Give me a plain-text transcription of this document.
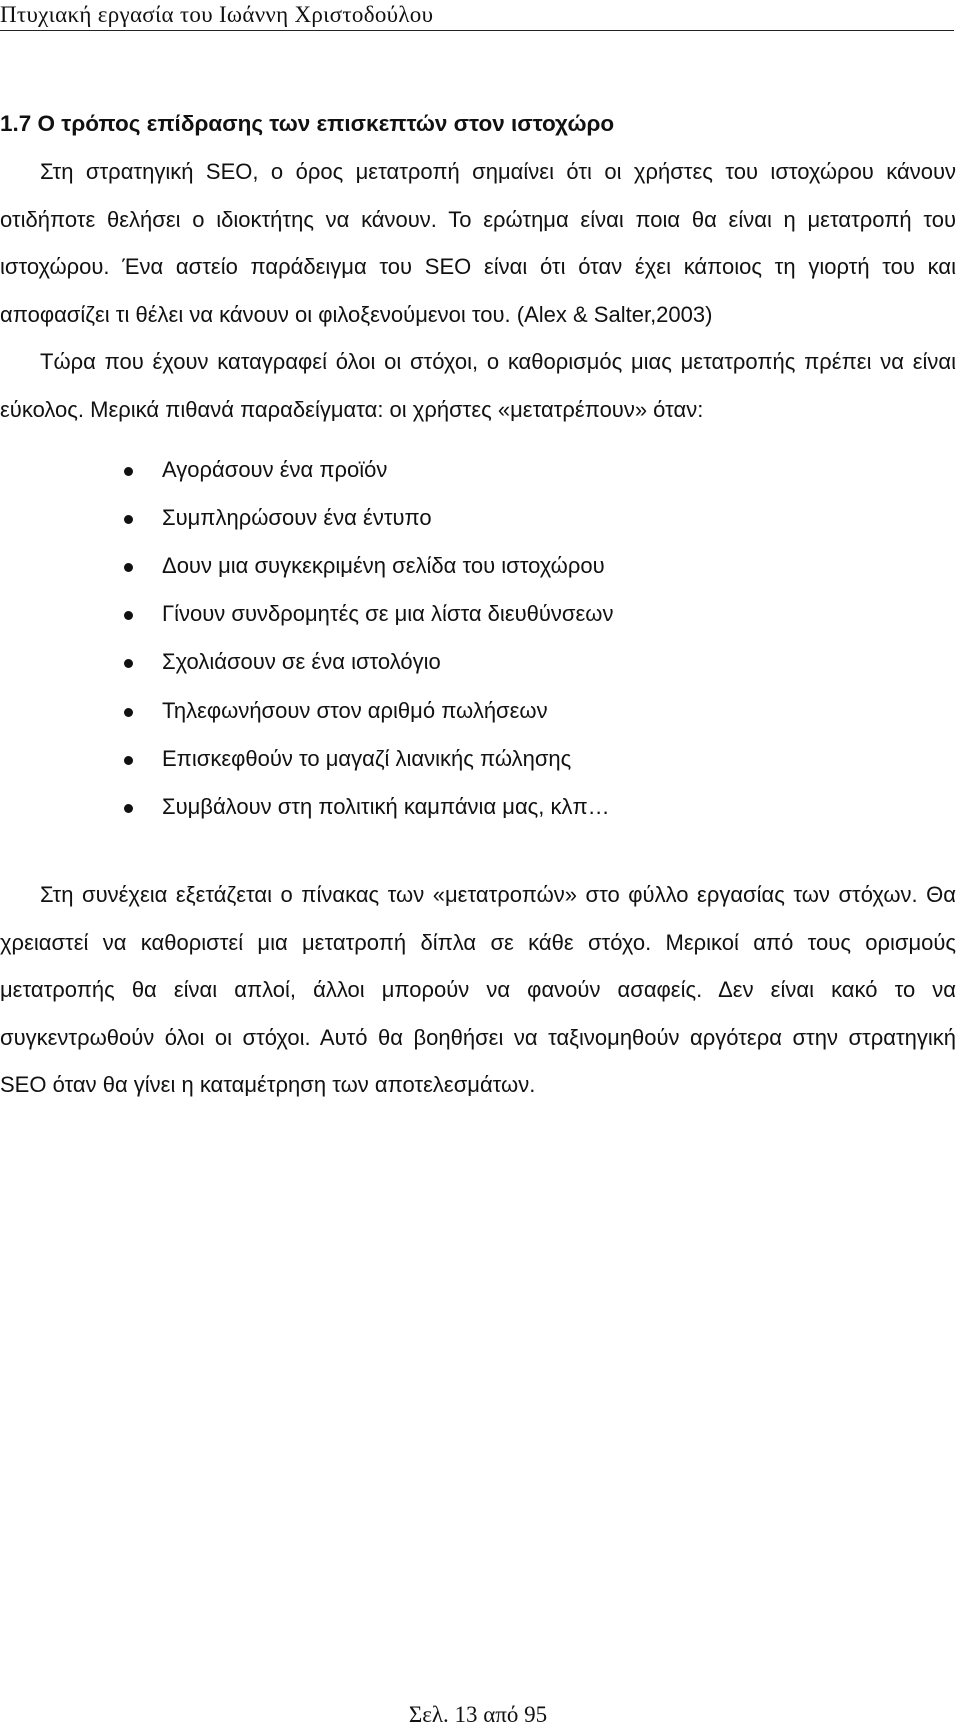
Πτυχιακή εργασία του Ιωάννη Χριστοδούλου
1.7 Ο τρόπος επίδρασης των επισκεπτών στον ιστοχώρο

Στη στρατηγική SEO, ο όρος μετατροπή σημαίνει ότι οι χρήστες του ιστοχώρου κάνουν οτιδήποτε θελήσει ο ιδιοκτήτης να κάνουν. Το ερώτημα είναι ποια θα είναι η μετατροπή του ιστοχώρου. Ένα αστείο παράδειγμα του SEO είναι ότι όταν έχει κάποιος τη γιορτή του και αποφασίζει τι θέλει να κάνουν οι φιλοξενούμενοι του. (Alex & Salter,2003)

Τώρα που έχουν καταγραφεί όλοι οι στόχοι, ο καθορισμός μιας μετατροπής πρέπει να είναι εύκολος. Μερικά πιθανά παραδείγματα: οι χρήστες «μετατρέπουν» όταν:

Αγοράσουν ένα προϊόν
Συμπληρώσουν ένα έντυπο
Δουν μια συγκεκριμένη σελίδα του ιστοχώρου
Γίνουν συνδρομητές σε μια λίστα διευθύνσεων
Σχολιάσουν σε ένα ιστολόγιο
Τηλεφωνήσουν στον αριθμό πωλήσεων
Επισκεφθούν το μαγαζί λιανικής πώλησης
Συμβάλουν στη πολιτική καμπάνια μας, κλπ…

Στη συνέχεια εξετάζεται ο πίνακας των «μετατροπών» στο φύλλο εργασίας των στόχων. Θα χρειαστεί να καθοριστεί μια μετατροπή δίπλα σε κάθε στόχο. Μερικοί από τους ορισμούς μετατροπής θα είναι απλοί, άλλοι μπορούν να φανούν ασαφείς. Δεν είναι κακό το να συγκεντρωθούν όλοι οι στόχοι. Αυτό θα βοηθήσει να ταξινομηθούν αργότερα στην στρατηγική SEO όταν θα γίνει η καταμέτρηση των αποτελεσμάτων.

Σελ. 13 από 95
